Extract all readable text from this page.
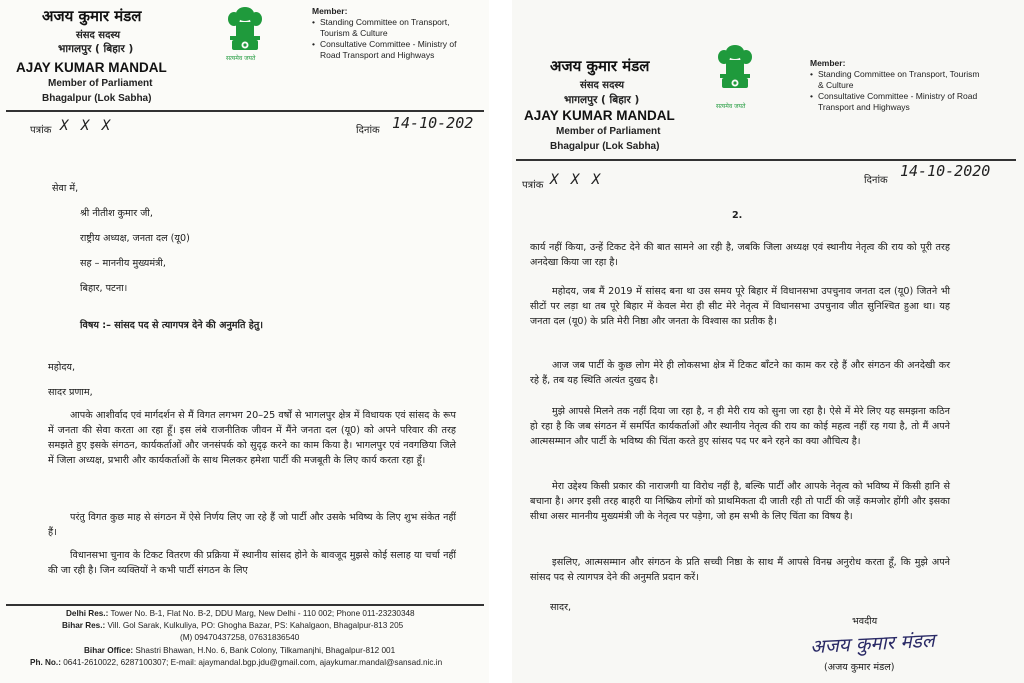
अजय कुमार मंडल
संसद सदस्य
भागलपुर ( बिहार )
AJAY KUMAR MANDAL
Member of Parliament
Bhagalpur (Lok Sabha)
सत्यमेव जयते
Member:
• Standing Committee on Transport, Tourism & Culture
• Consultative Committee - Ministry of Road Transport and Highways
पत्रांक X X X	दिनांक 14-10-202
सेवा में,
श्री नीतीश कुमार जी,
राष्ट्रीय अध्यक्ष, जनता दल (यू0)
सह – माननीय मुख्यमंत्री,
बिहार, पटना।
विषय :– सांसद पद से त्यागपत्र देने की अनुमति हेतु।
महोदय,
सादर प्रणाम,
आपके आशीर्वाद एवं मार्गदर्शन से मैं विगत लगभग 20–25 वर्षों से भागलपुर क्षेत्र में विधायक एवं सांसद के रूप में जनता की सेवा करता आ रहा हूँ। इस लंबे राजनीतिक जीवन में मैंने जनता दल (यू0) को अपने परिवार की तरह समझते हुए इसके संगठन, कार्यकर्ताओं और जनसंपर्क को सुदृढ़ करने का काम किया है। भागलपुर एवं नवगछिया जिले में जिला अध्यक्ष, प्रभारी और कार्यकर्ताओं के साथ मिलकर हमेशा पार्टी की मजबूती के लिए कार्य करता रहा हूँ।
परंतु विगत कुछ माह से संगठन में ऐसे निर्णय लिए जा रहे हैं जो पार्टी और उसके भविष्य के लिए शुभ संकेत नहीं हैं।
विधानसभा चुनाव के टिकट वितरण की प्रक्रिया में स्थानीय सांसद होने के बावजूद मुझसे कोई सलाह या चर्चा नहीं की जा रही है। जिन व्यक्तियों ने कभी पार्टी संगठन के लिए
Delhi Res.: Tower No. B-1, Flat No. B-2, DDU Marg, New Delhi - 110 002; Phone 011-23230348
Bihar Res.: Vill. Gol Sarak, Kulkuliya, PO: Ghogha Bazar, PS: Kahalgaon, Bhagalpur-813 205
(M) 09470437258, 07631836540
Bihar Office: Shastri Bhawan, H.No. 6, Bank Colony, Tilkamanjhi, Bhagalpur-812 001
Ph. No.: 0641-2610022, 6287100307; E-mail: ajaymandal.bgp.jdu@gmail.com, ajaykumar.mandal@sansad.nic.in
अजय कुमार मंडल
संसद सदस्य
भागलपुर ( बिहार )
AJAY KUMAR MANDAL
Member of Parliament
Bhagalpur (Lok Sabha)
सत्यमेव जयते
Member:
• Standing Committee on Transport, Tourism & Culture
• Consultative Committee - Ministry of Road Transport and Highways
पत्रांक X X X	दिनांक
14-10-2020
2.
कार्य नहीं किया, उन्हें टिकट देने की बात सामने आ रही है, जबकि जिला अध्यक्ष एवं स्थानीय नेतृत्व की राय को पूरी तरह अनदेखा किया जा रहा है।
महोदय, जब मैं 2019 में सांसद बना था उस समय पूरे बिहार में विधानसभा उपचुनाव जनता दल (यू0) जितने भी सीटों पर लड़ा था तब पूरे बिहार में केवल मेरा ही सीट मेरे नेतृत्व में विधानसभा उपचुनाव जीत सुनिश्चित हुआ था। यह जनता दल (यू0) के प्रति मेरी निष्ठा और जनता के विश्वास का प्रतीक है।
आज जब पार्टी के कुछ लोग मेरे ही लोकसभा क्षेत्र में टिकट बाँटने का काम कर रहे हैं और संगठन की अनदेखी कर रहे हैं, तब यह स्थिति अत्यंत दुखद है।
मुझे आपसे मिलने तक नहीं दिया जा रहा है, न ही मेरी राय को सुना जा रहा है। ऐसे में मेरे लिए यह समझना कठिन हो रहा है कि जब संगठन में समर्पित कार्यकर्ताओं और स्थानीय नेतृत्व की राय का कोई महत्व नहीं रह गया है, तो मैं अपने आत्मसम्मान और पार्टी के भविष्य की चिंता करते हुए सांसद पद पर बने रहने का क्या औचित्य है।
मेरा उद्देश्य किसी प्रकार की नाराजगी या विरोध नहीं है, बल्कि पार्टी और आपके नेतृत्व को भविष्य में किसी हानि से बचाना है। अगर इसी तरह बाहरी या निष्क्रिय लोगों को प्राथमिकता दी जाती रही तो पार्टी की जड़ें कमजोर होंगी और इसका सीधा असर माननीय मुख्यमंत्री जी के नेतृत्व पर पड़ेगा, जो हम सभी के लिए चिंता का विषय है।
इसलिए, आत्मसम्मान और संगठन के प्रति सच्ची निष्ठा के साथ मैं आपसे विनम्र अनुरोध करता हूँ, कि मुझे अपने सांसद पद से त्यागपत्र देने की अनुमति प्रदान करें।
सादर,
भवदीय
अजय कुमार मंडल
(अजय कुमार मंडल)
